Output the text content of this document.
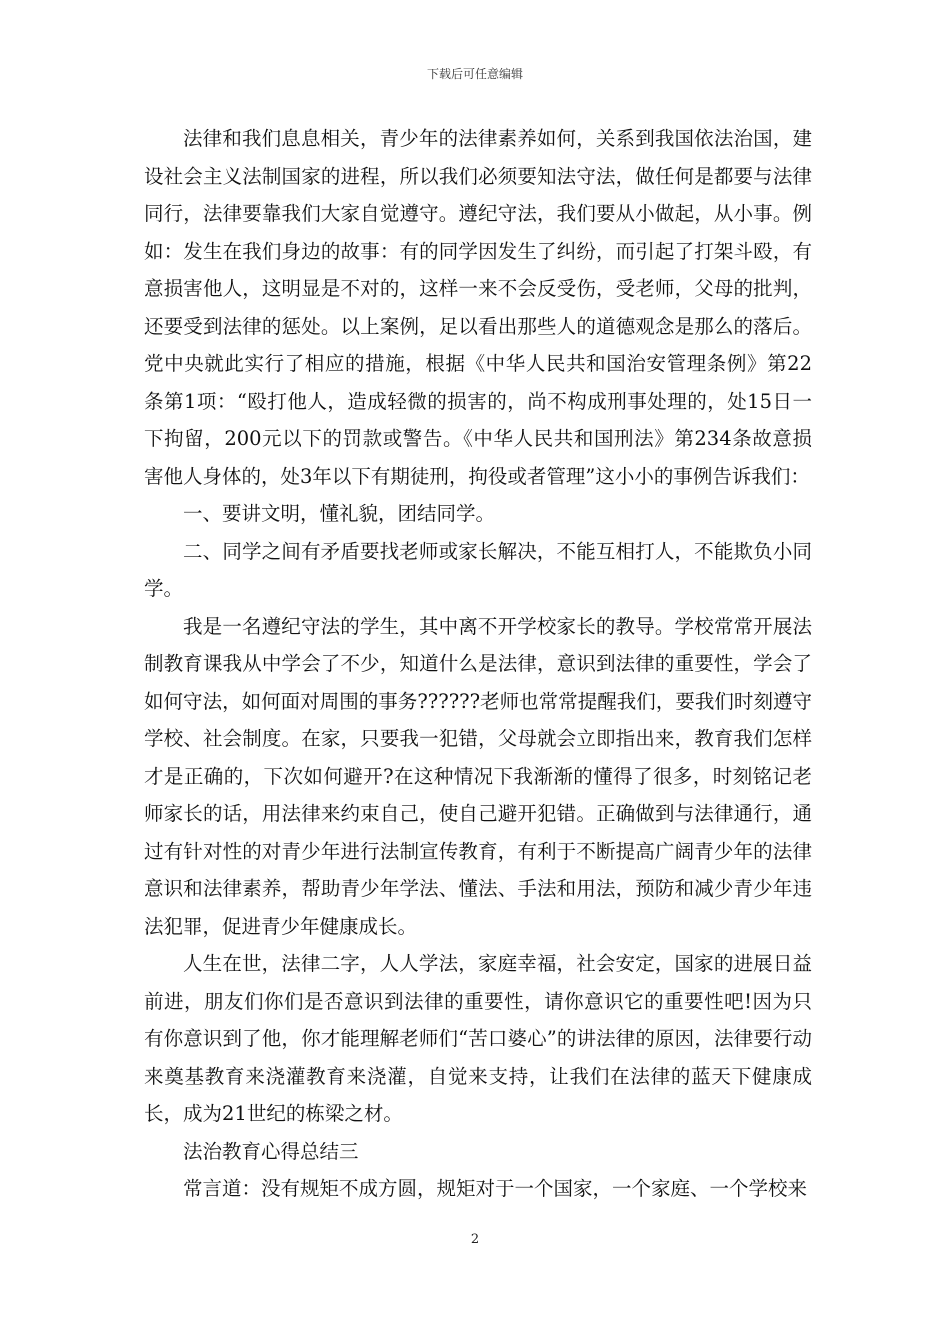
下载后可任意编辑

法律和我们息息相关，青少年的法律素养如何，关系到我国依法治国，建设社会主义法制国家的进程，所以我们必须要知法守法，做任何是都要与法律同行，法律要靠我们大家自觉遵守。遵纪守法，我们要从小做起，从小事。例如：发生在我们身边的故事：有的同学因发生了纠纷，而引起了打架斗殴，有意损害他人，这明显是不对的，这样一来不会反受伤，受老师，父母的批判，还要受到法律的惩处。以上案例，足以看出那些人的道德观念是那么的落后。党中央就此实行了相应的措施，根据《中华人民共和国治安管理条例》第22条第1项：“殴打他人，造成轻微的损害的，尚不构成刑事处理的，处15日一下拘留，200元以下的罚款或警告。《中华人民共和国刑法》第234条故意损害他人身体的，处3年以下有期徒刑，拘役或者管理”这小小的事例告诉我们：

一、要讲文明，懂礼貌，团结同学。

二、同学之间有矛盾要找老师或家长解决，不能互相打人，不能欺负小同学。

我是一名遵纪守法的学生，其中离不开学校家长的教导。学校常常开展法制教育课我从中学会了不少，知道什么是法律，意识到法律的重要性，学会了如何守法，如何面对周围的事务??????老师也常常提醒我们，要我们时刻遵守学校、社会制度。在家，只要我一犯错，父母就会立即指出来，教育我们怎样才是正确的，下次如何避开?在这种情况下我渐渐的懂得了很多，时刻铭记老师家长的话，用法律来约束自己，使自己避开犯错。正确做到与法律通行，通过有针对性的对青少年进行法制宣传教育，有利于不断提高广阔青少年的法律意识和法律素养，帮助青少年学法、懂法、手法和用法，预防和减少青少年违法犯罪，促进青少年健康成长。

人生在世，法律二字，人人学法，家庭幸福，社会安定，国家的进展日益前进，朋友们你们是否意识到法律的重要性，请你意识它的重要性吧!因为只有你意识到了他，你才能理解老师们“苦口婆心”的讲法律的原因，法律要行动来奠基教育来浇灌教育来浇灌，自觉来支持，让我们在法律的蓝天下健康成长，成为21世纪的栋梁之材。

法治教育心得总结三

常言道：没有规矩不成方圆，规矩对于一个国家，一个家庭、一个学校来

2
